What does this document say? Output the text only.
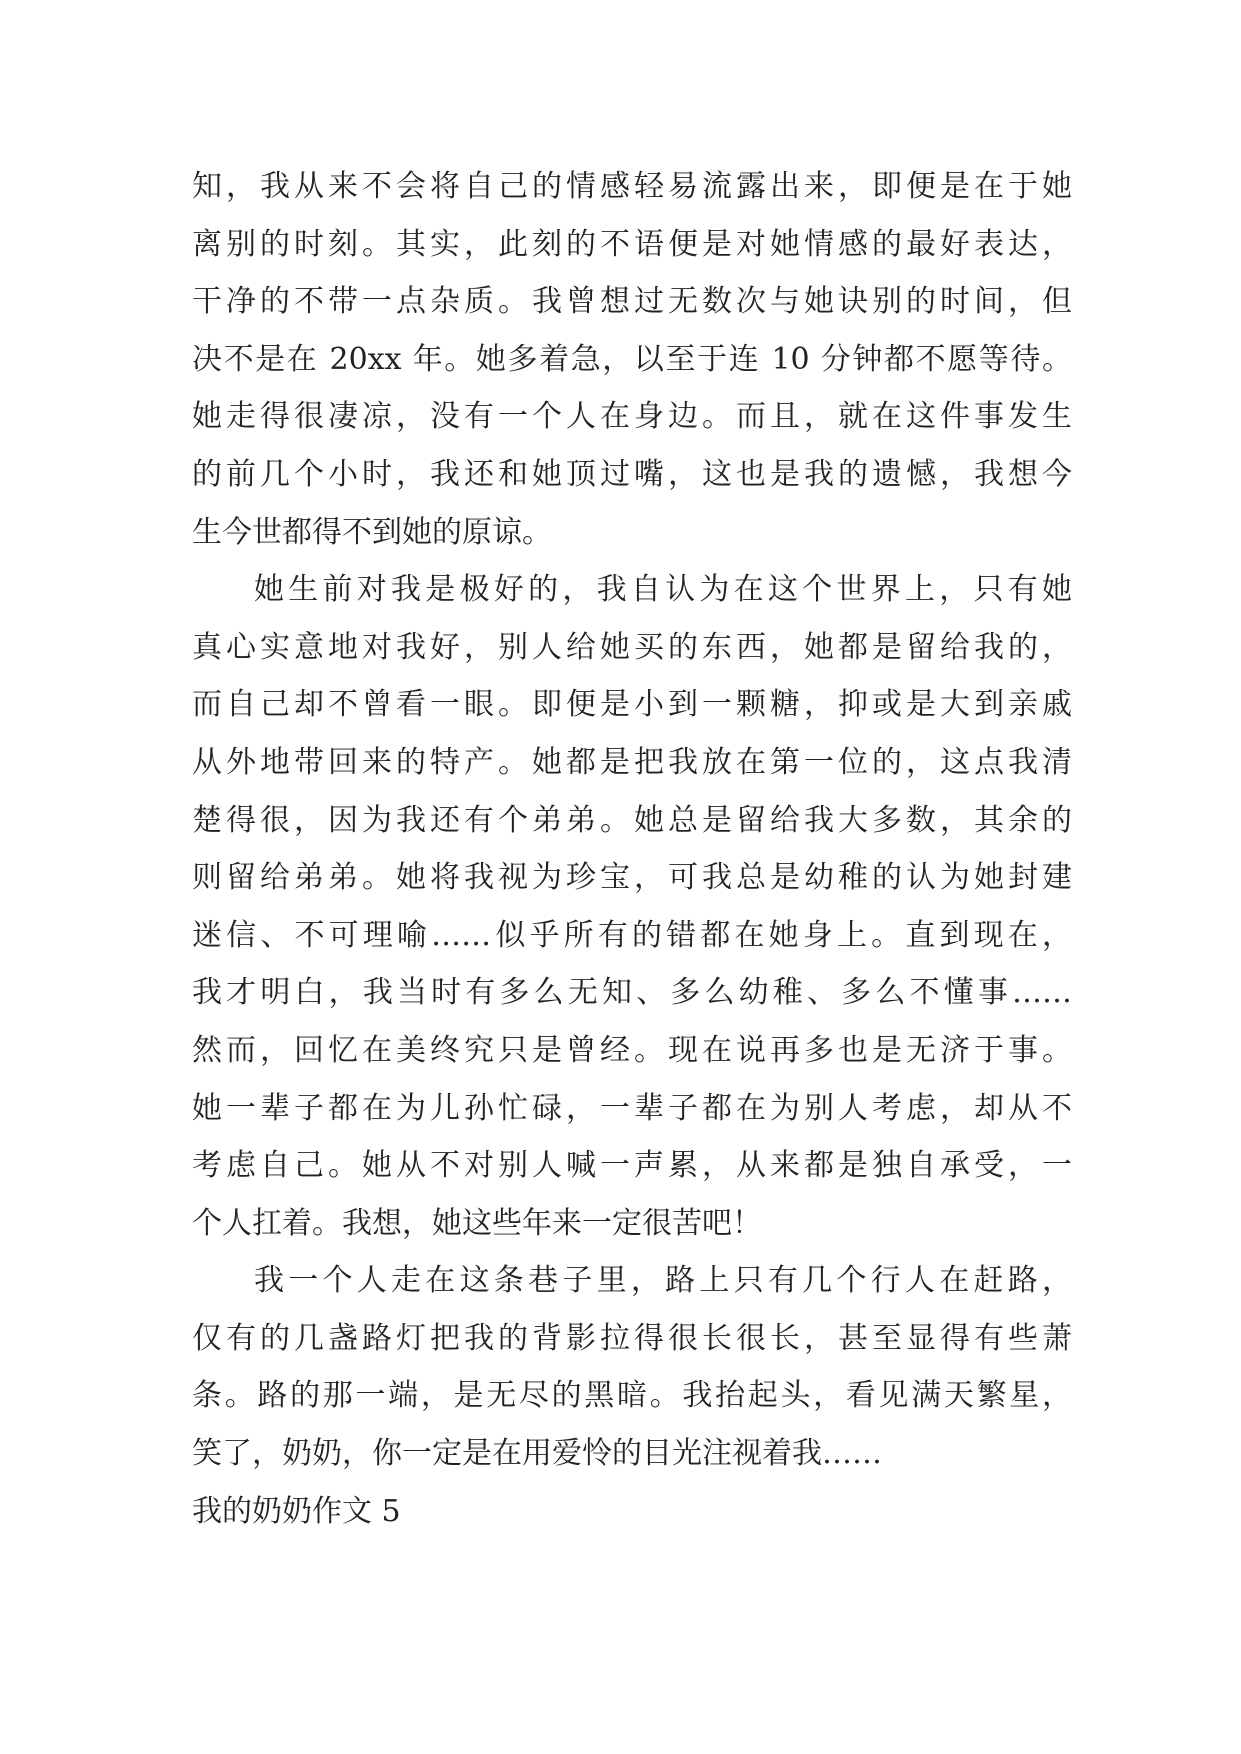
知，我从来不会将自己的情感轻易流露出来，即便是在于她
离别的时刻。其实，此刻的不语便是对她情感的最好表达，
干净的不带一点杂质。我曾想过无数次与她诀别的时间，但
决不是在 20xx 年。她多着急，以至于连 10 分钟都不愿等待。
她走得很凄凉，没有一个人在身边。而且，就在这件事发生
的前几个小时，我还和她顶过嘴，这也是我的遗憾，我想今
生今世都得不到她的原谅。
她生前对我是极好的，我自认为在这个世界上，只有她
真心实意地对我好，别人给她买的东西，她都是留给我的，
而自己却不曾看一眼。即便是小到一颗糖，抑或是大到亲戚
从外地带回来的特产。她都是把我放在第一位的，这点我清
楚得很，因为我还有个弟弟。她总是留给我大多数，其余的
则留给弟弟。她将我视为珍宝，可我总是幼稚的认为她封建
迷信、不可理喻……似乎所有的错都在她身上。直到现在，
我才明白，我当时有多么无知、多么幼稚、多么不懂事……
然而，回忆在美终究只是曾经。现在说再多也是无济于事。
她一辈子都在为儿孙忙碌，一辈子都在为别人考虑，却从不
考虑自己。她从不对别人喊一声累，从来都是独自承受，一
个人扛着。我想，她这些年来一定很苦吧！
我一个人走在这条巷子里，路上只有几个行人在赶路，
仅有的几盏路灯把我的背影拉得很长很长，甚至显得有些萧
条。路的那一端，是无尽的黑暗。我抬起头，看见满天繁星，
笑了，奶奶，你一定是在用爱怜的目光注视着我……
我的奶奶作文 5
